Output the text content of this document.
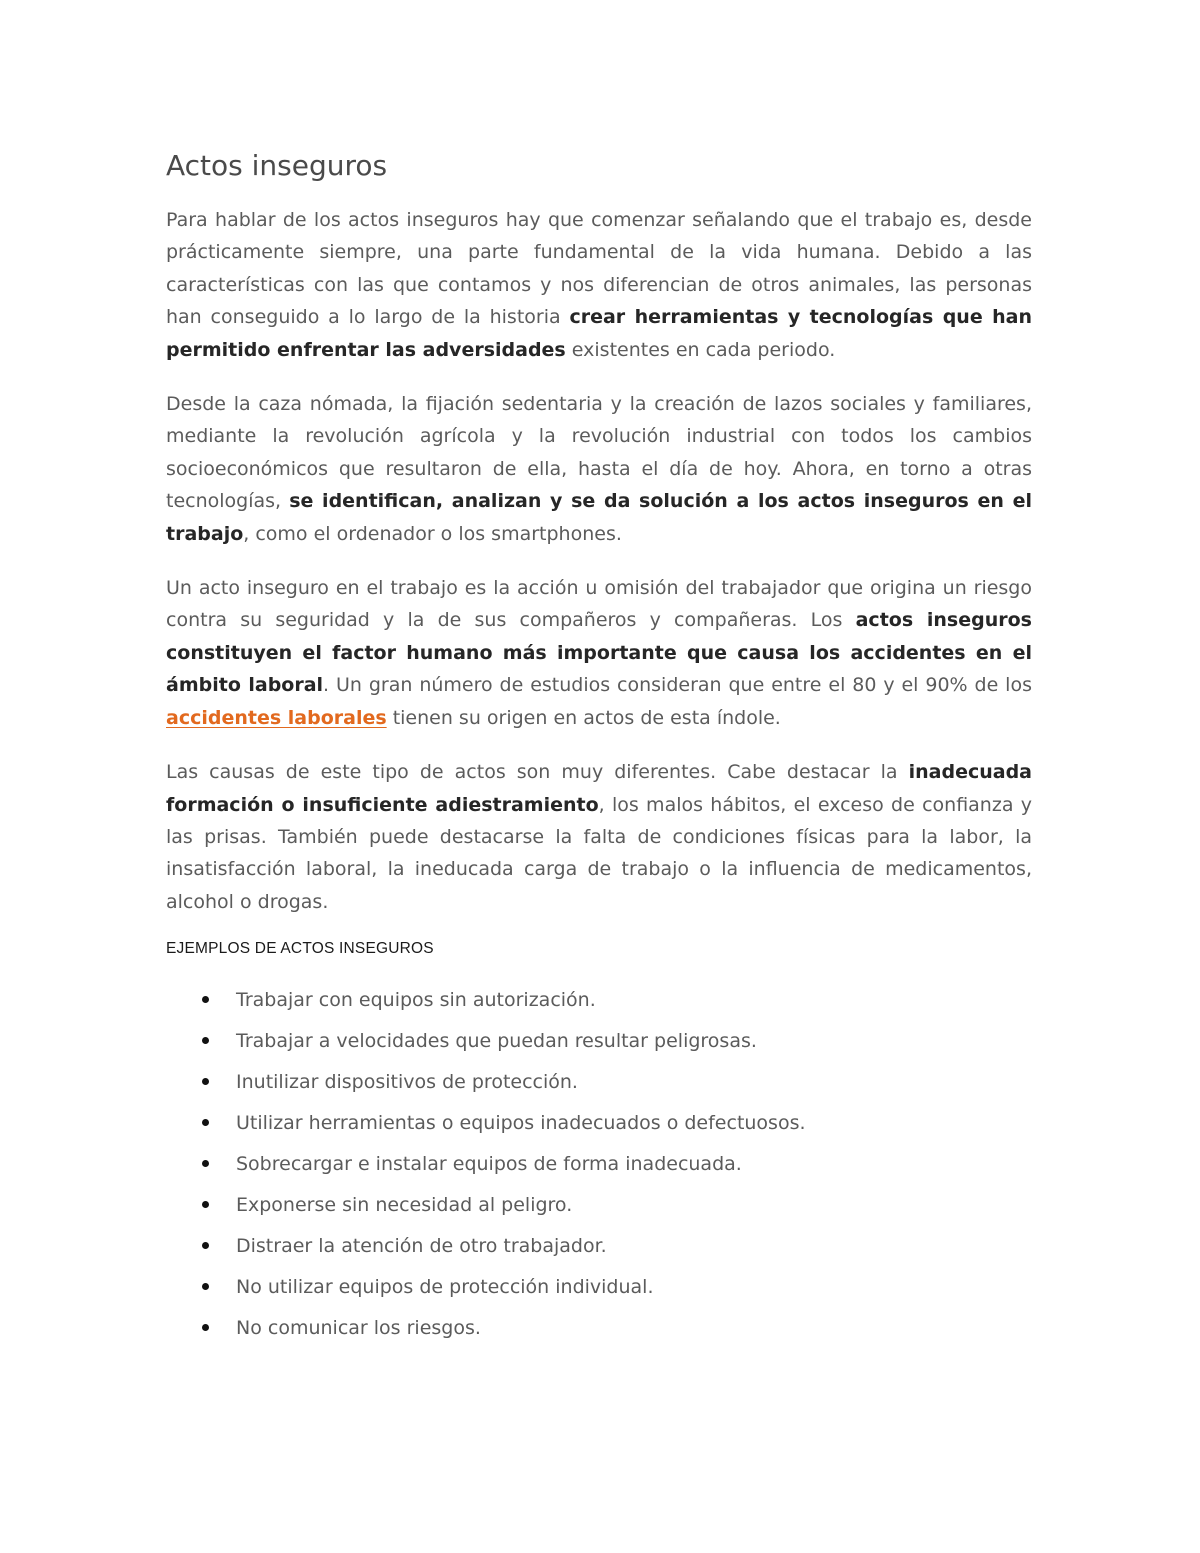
Actos inseguros

Para hablar de los actos inseguros hay que comenzar señalando que el trabajo es, desde prácticamente siempre, una parte fundamental de la vida humana. Debido a las características con las que contamos y nos diferencian de otros animales, las personas han conseguido a lo largo de la historia crear herramientas y tecnologías que han permitido enfrentar las adversidades existentes en cada periodo.

Desde la caza nómada, la fijación sedentaria y la creación de lazos sociales y familiares, mediante la revolución agrícola y la revolución industrial con todos los cambios socioeconómicos que resultaron de ella, hasta el día de hoy. Ahora, en torno a otras tecnologías, se identifican, analizan y se da solución a los actos inseguros en el trabajo, como el ordenador o los smartphones.

Un acto inseguro en el trabajo es la acción u omisión del trabajador que origina un riesgo contra su seguridad y la de sus compañeros y compañeras. Los actos inseguros constituyen el factor humano más importante que causa los accidentes en el ámbito laboral. Un gran número de estudios consideran que entre el 80 y el 90% de los accidentes laborales tienen su origen en actos de esta índole.

Las causas de este tipo de actos son muy diferentes. Cabe destacar la inadecuada formación o insuficiente adiestramiento, los malos hábitos, el exceso de confianza y las prisas. También puede destacarse la falta de condiciones físicas para la labor, la insatisfacción laboral, la ineducada carga de trabajo o la influencia de medicamentos, alcohol o drogas.

EJEMPLOS DE ACTOS INSEGUROS
Trabajar con equipos sin autorización.
Trabajar a velocidades que puedan resultar peligrosas.
Inutilizar dispositivos de protección.
Utilizar herramientas o equipos inadecuados o defectuosos.
Sobrecargar e instalar equipos de forma inadecuada.
Exponerse sin necesidad al peligro.
Distraer la atención de otro trabajador.
No utilizar equipos de protección individual.
No comunicar los riesgos.
